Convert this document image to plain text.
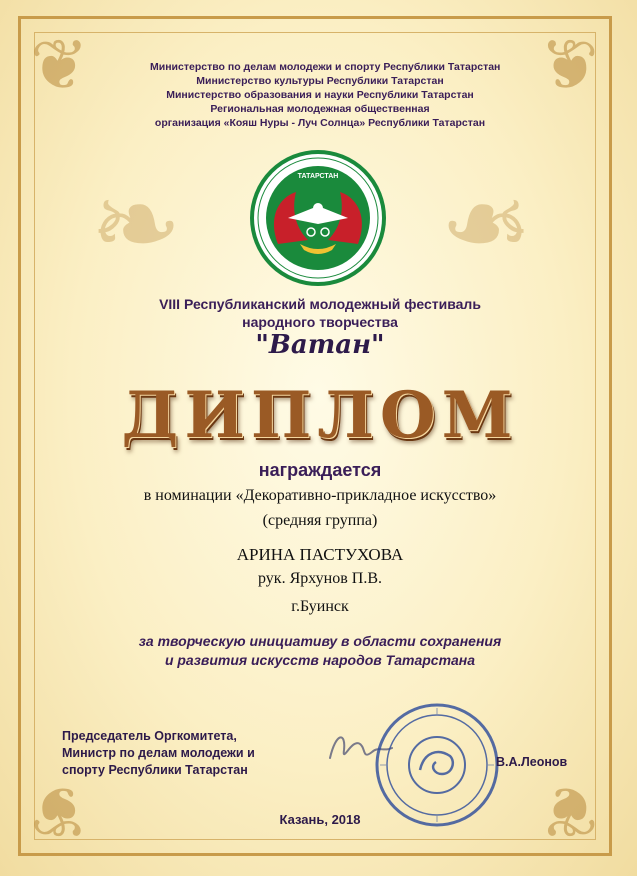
❦	❦
❦	❦
❧ ❧
Министерство по делам молодежи и спорту Республики Татарстан
Министерство культуры Республики Татарстан
Министерство образования и науки Республики Татарстан
Региональная молодежная общественная
организация «Кояш Нуры - Луч Солнца» Республики Татарстан
ТАТАРСТАН
VIII Республиканский молодежный фестиваль
народного творчества
"Ватан"
ДИПЛОМ
награждается
в номинации «Декоративно-прикладное искусство»
(средняя группа)
АРИНА ПАСТУХОВА
рук. Ярхунов П.В.
г.Буинск
за творческую инициативу в области сохранения
и развития искусств народов Татарстана
Председатель Оргкомитета,
Министр по делам молодежи и
спорту Республики Татарстан
В.А.Леонов
Казань, 2018
